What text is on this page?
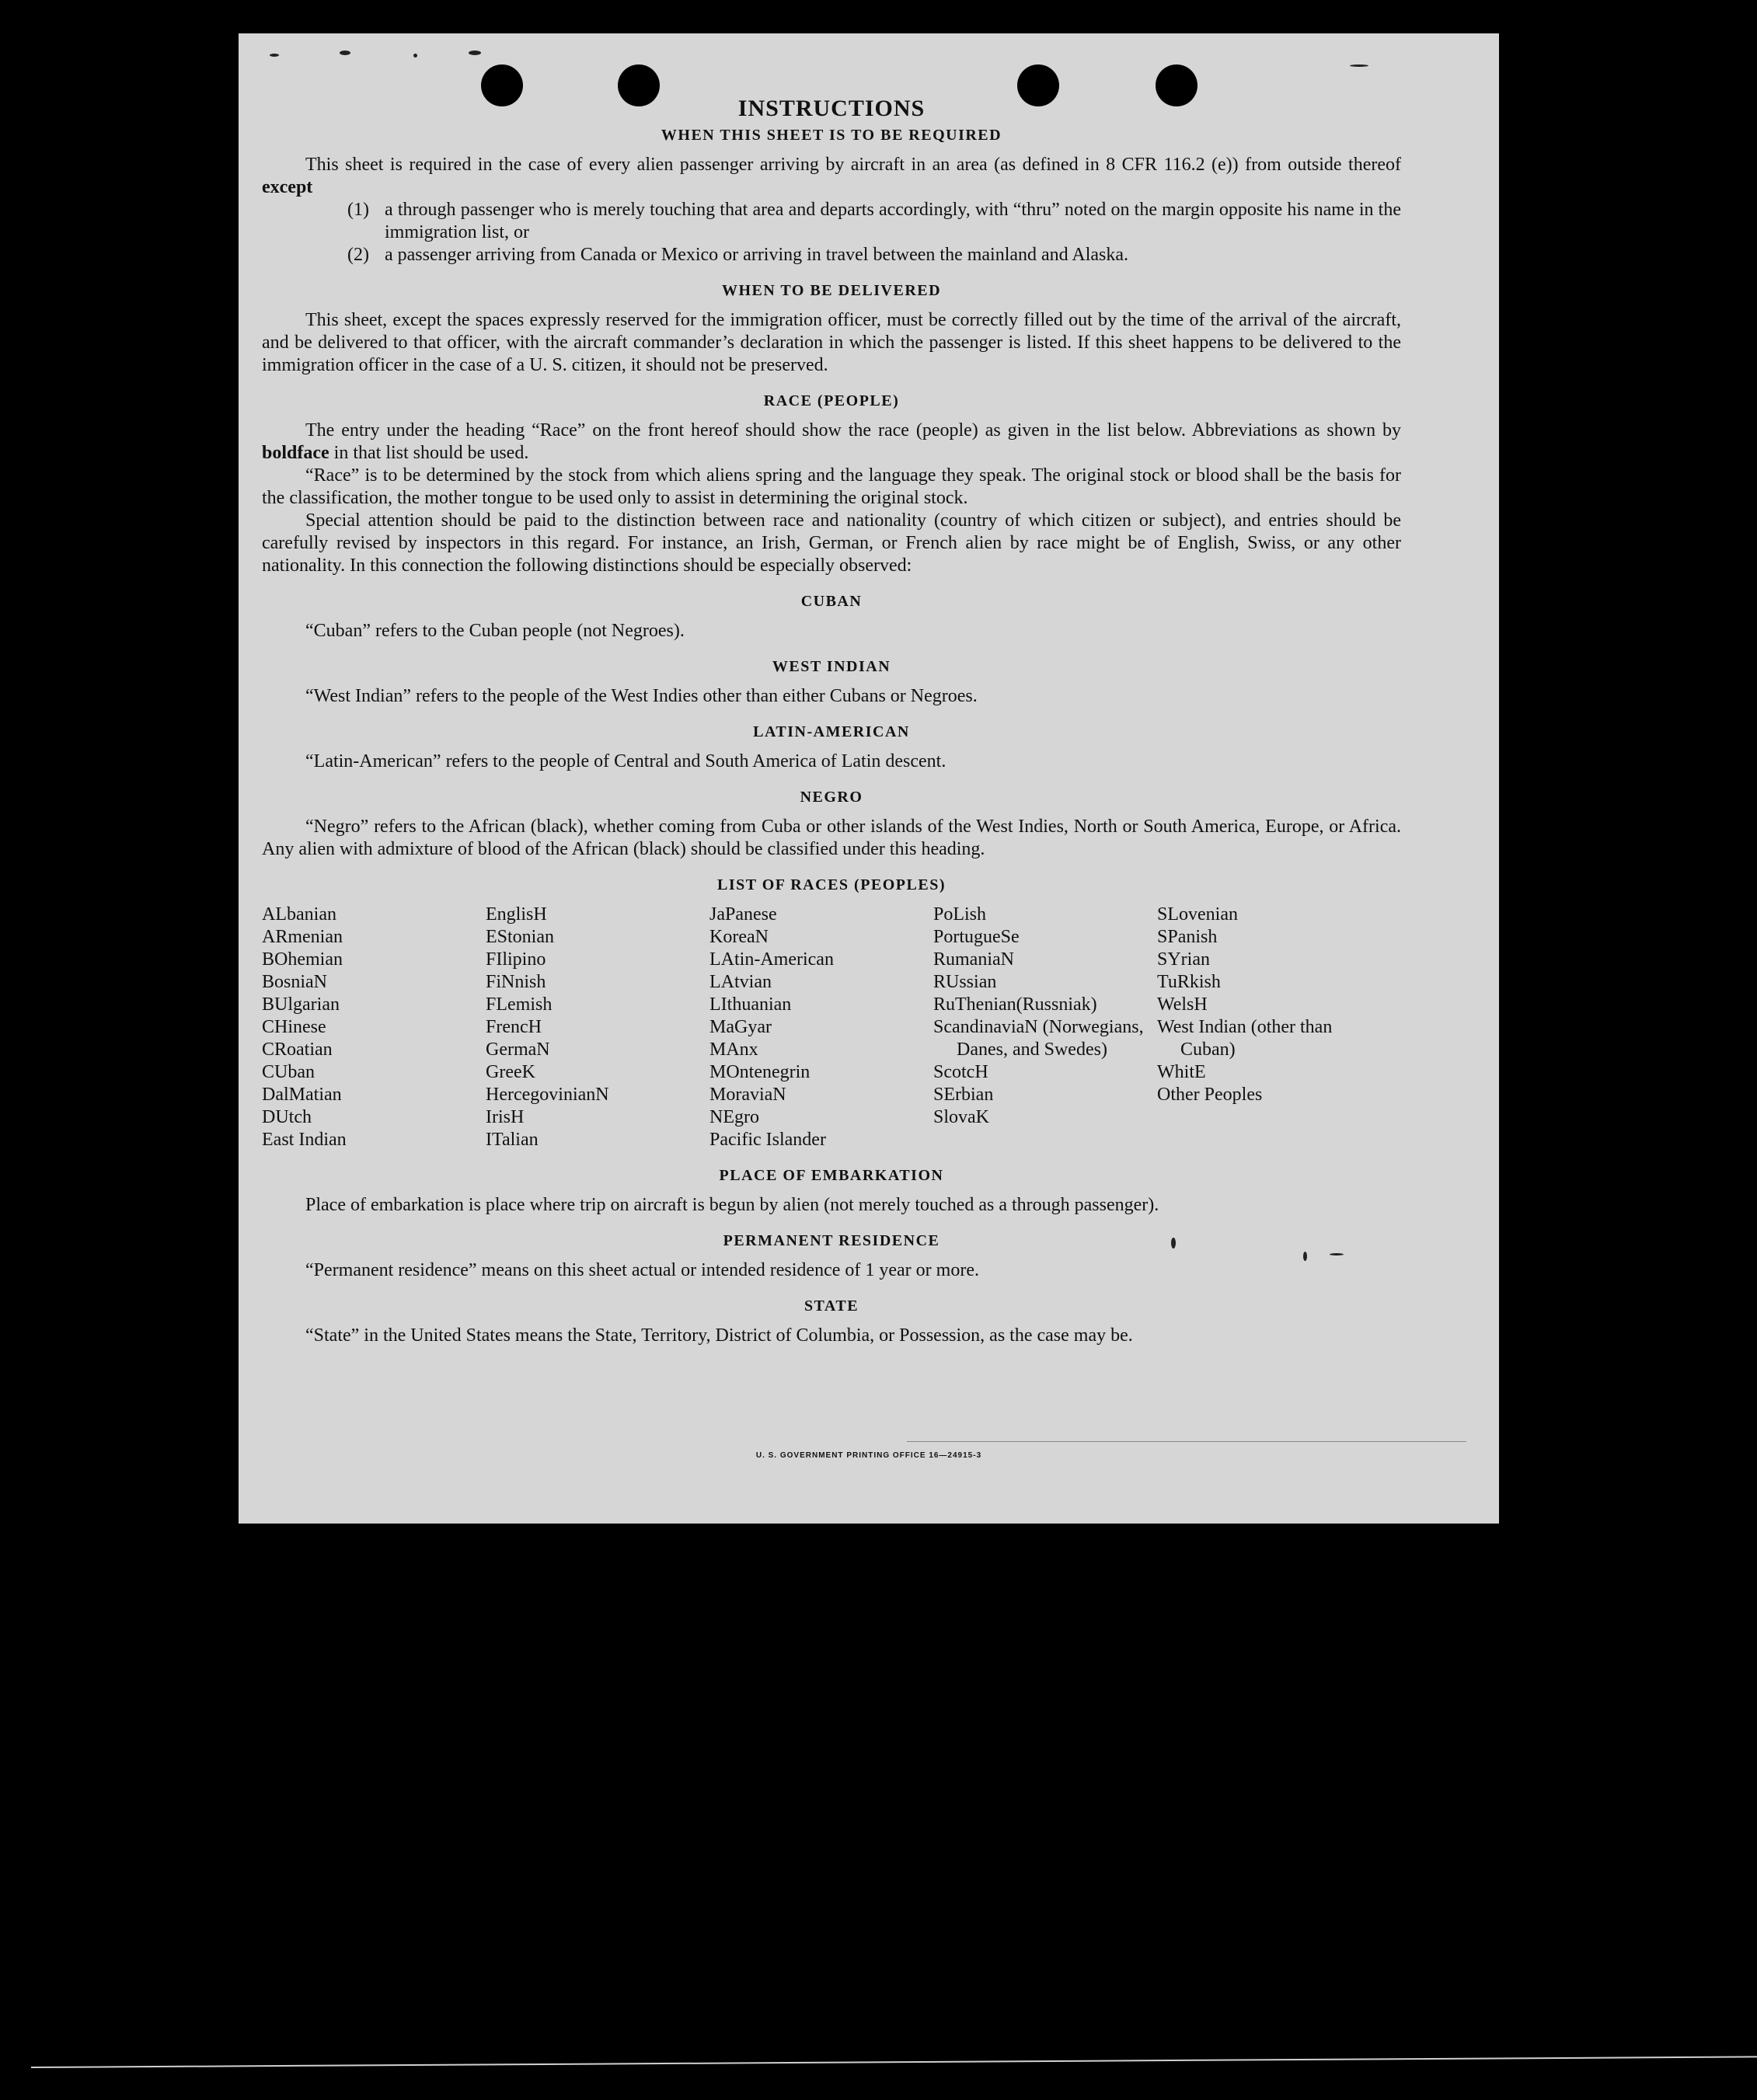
INSTRUCTIONS
WHEN THIS SHEET IS TO BE REQUIRED

This sheet is required in the case of every alien passenger arriving by aircraft in an area (as defined in 8 CFR 116.2 (e)) from outside thereof except

(1) a through passenger who is merely touching that area and departs accordingly, with “thru” noted on the margin opposite his name in the immigration list, or
(2) a passenger arriving from Canada or Mexico or arriving in travel between the mainland and Alaska.
WHEN TO BE DELIVERED

This sheet, except the spaces expressly reserved for the immigration officer, must be correctly filled out by the time of the arrival of the aircraft, and be delivered to that officer, with the aircraft commander’s declaration in which the passenger is listed. If this sheet happens to be delivered to the immigration officer in the case of a U. S. citizen, it should not be preserved.

RACE (PEOPLE)

The entry under the heading “Race” on the front hereof should show the race (people) as given in the list below. Abbreviations as shown by boldface in that list should be used.

“Race” is to be determined by the stock from which aliens spring and the language they speak. The original stock or blood shall be the basis for the classification, the mother tongue to be used only to assist in determining the original stock.

Special attention should be paid to the distinction between race and nationality (country of which citizen or subject), and entries should be carefully revised by inspectors in this regard. For instance, an Irish, German, or French alien by race might be of English, Swiss, or any other nationality. In this connection the following distinctions should be especially observed:

CUBAN

“Cuban” refers to the Cuban people (not Negroes).

WEST INDIAN

“West Indian” refers to the people of the West Indies other than either Cubans or Negroes.

LATIN-AMERICAN

“Latin-American” refers to the people of Central and South America of Latin descent.

NEGRO

“Negro” refers to the African (black), whether coming from Cuba or other islands of the West Indies, North or South America, Europe, or Africa. Any alien with admixture of blood of the African (black) should be classified under this heading.

LIST OF RACES (PEOPLES)
ALbanian
ARmenian
BOhemian
BosniaN
BUlgarian
CHinese
CRoatian
CUban
DalMatian
DUtch
East Indian
EnglisH
EStonian
FIlipino
FiNnish
FLemish
FrencH
GermaN
GreeK
HercegovinianN
IrisH
ITalian
JaPanese
KoreaN
LAtin-American
LAtvian
LIthuanian
MaGyar
MAnx
MOntenegrin
MoraviaN
NEgro
Pacific Islander
PoLish
PortugueSe
RumaniaN
RUssian
RuThenian(Russniak)
ScandinaviaN (Norwegians, Danes, and Swedes)
ScotcH
SErbian
SlovaK
SLovenian
SPanish
SYrian
TuRkish
WelsH
West Indian (other than Cuban)
WhitE
Other Peoples
PLACE OF EMBARKATION

Place of embarkation is place where trip on aircraft is begun by alien (not merely touched as a through passenger).

PERMANENT RESIDENCE

“Permanent residence” means on this sheet actual or intended residence of 1 year or more.

STATE

“State” in the United States means the State, Territory, District of Columbia, or Possession, as the case may be.

U. S. GOVERNMENT PRINTING OFFICE 16—24915-3
